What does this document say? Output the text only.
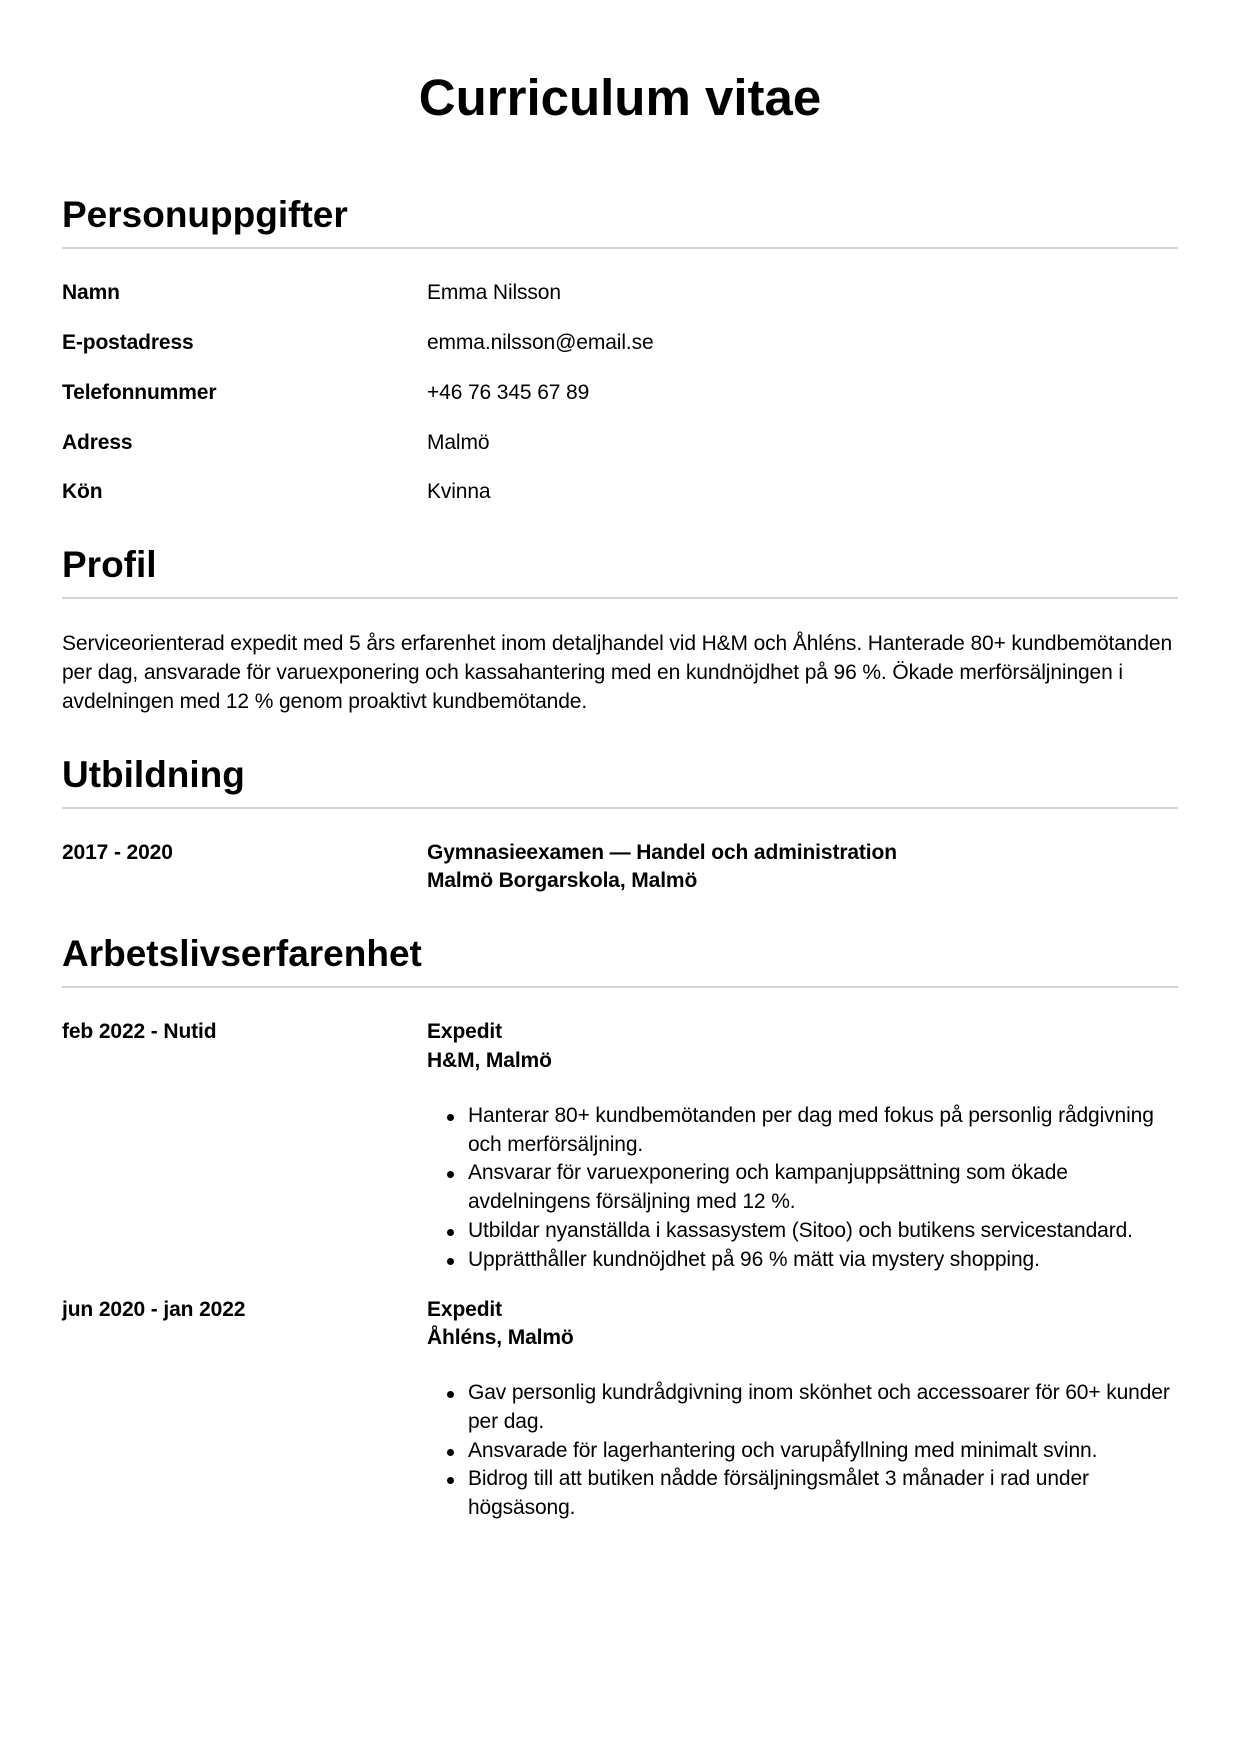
Curriculum vitae
Personuppgifter
Namn	Emma Nilsson
E-postadress	emma.nilsson@email.se
Telefonnummer	+46 76 345 67 89
Adress	Malmö
Kön	Kvinna
Profil

Serviceorienterad expedit med 5 års erfarenhet inom detaljhandel vid H&M och Åhléns. Hanterade 80+ kundbemötanden per dag, ansvarade för varuexponering och kassahantering med en kundnöjdhet på 96 %. Ökade merförsäljningen i avdelningen med 12 % genom proaktivt kundbemötande.

Utbildning
2017 - 2020	Gymnasieexamen — Handel och administration
Malmö Borgarskola, Malmö
Arbetslivserfarenhet
feb 2022 - Nutid	Expedit
H&M, Malmö
Hanterar 80+ kundbemötanden per dag med fokus på personlig rådgivning och merförsäljning.
Ansvarar för varuexponering och kampanjuppsättning som ökade avdelningens försäljning med 12 %.
Utbildar nyanställda i kassasystem (Sitoo) och butikens servicestandard.
Upprätthåller kundnöjdhet på 96 % mätt via mystery shopping.
jun 2020 - jan 2022	Expedit
Åhléns, Malmö
Gav personlig kundrådgivning inom skönhet och accessoarer för 60+ kunder per dag.
Ansvarade för lagerhantering och varupåfyllning med minimalt svinn.
Bidrog till att butiken nådde försäljningsmålet 3 månader i rad under högsäsong.
